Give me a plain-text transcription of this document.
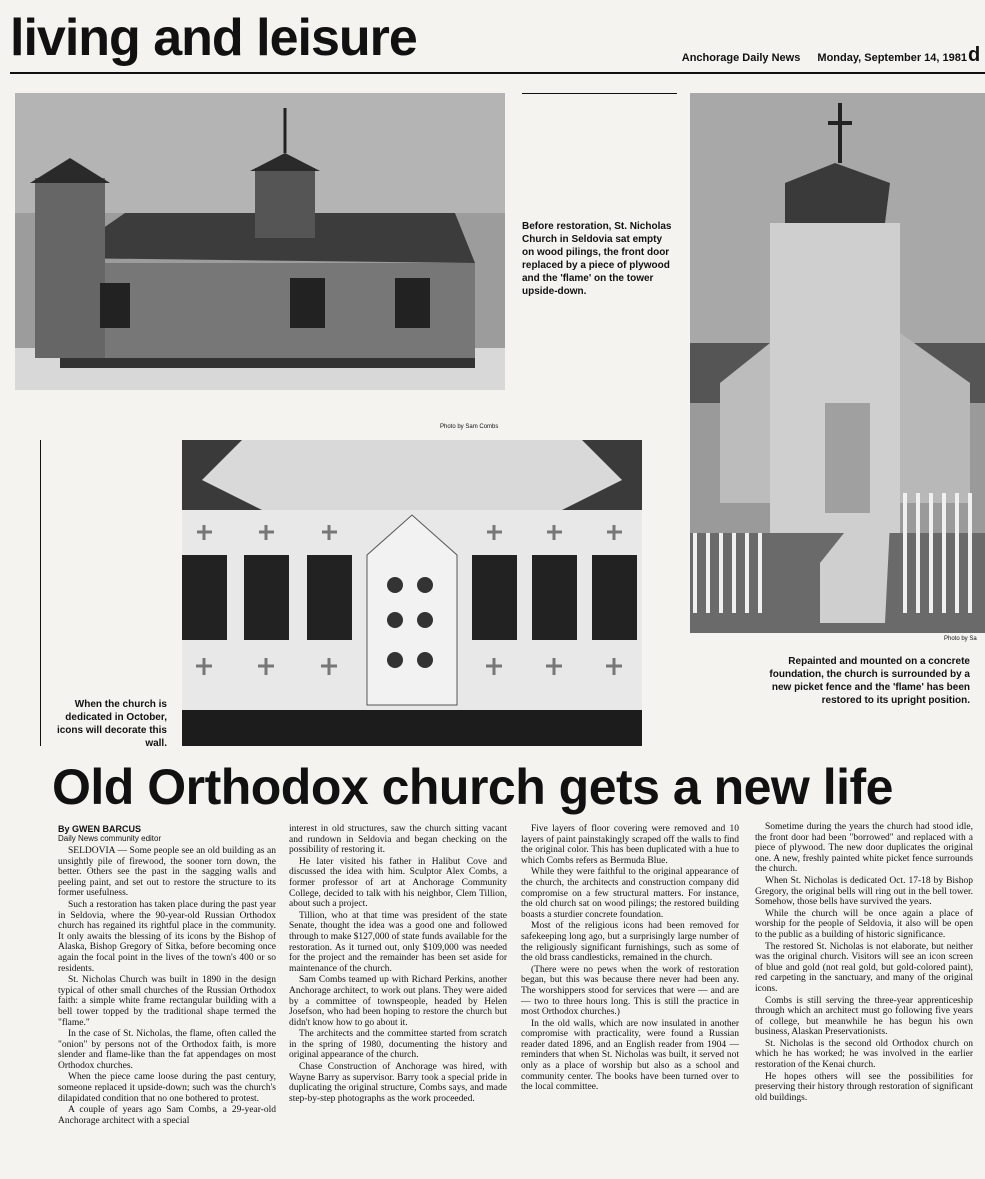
living and leisure	Anchorage Daily News Monday, September 14, 1981 d
Photo by Sam Combs
Before restoration, St. Nicholas Church in Seldovia sat empty on wood pilings, the front door replaced by a piece of plywood and the 'flame' on the tower upside-down.
Photo by Sa
Repainted and mounted on a concrete foundation, the church is surrounded by a new picket fence and the 'flame' has been restored to its upright position.
When the church is dedicated in October, icons will decorate this wall.
Old Orthodox church gets a new life
By GWEN BARCUS
Daily News community editor

SELDOVIA — Some people see an old building as an unsightly pile of firewood, the sooner torn down, the better. Others see the past in the sagging walls and peeling paint, and set out to restore the structure to its former usefulness.

Such a restoration has taken place during the past year in Seldovia, where the 90-year-old Russian Orthodox church has regained its rightful place in the community. It only awaits the blessing of its icons by the Bishop of Alaska, Bishop Gregory of Sitka, before becoming once again the focal point in the lives of the town's 400 or so residents.

St. Nicholas Church was built in 1890 in the design typical of other small churches of the Russian Orthodox faith: a simple white frame rectangular building with a bell tower topped by the traditional shape termed the "flame."

In the case of St. Nicholas, the flame, often called the "onion" by persons not of the Orthodox faith, is more slender and flame-like than the fat appendages on most Orthodox churches.

When the piece came loose during the past century, someone replaced it upside-down; such was the church's dilapidated condition that no one bothered to protest.

A couple of years ago Sam Combs, a 29-year-old Anchorage architect with a special

interest in old structures, saw the church sitting vacant and rundown in Seldovia and began checking on the possibility of restoring it.

He later visited his father in Halibut Cove and discussed the idea with him. Sculptor Alex Combs, a former professor of art at Anchorage Community College, decided to talk with his neighbor, Clem Tillion, about such a project.

Tillion, who at that time was president of the state Senate, thought the idea was a good one and followed through to make $127,000 of state funds available for the restoration. As it turned out, only $109,000 was needed for the project and the remainder has been set aside for maintenance of the church.

Sam Combs teamed up with Richard Perkins, another Anchorage architect, to work out plans. They were aided by a committee of townspeople, headed by Helen Josefson, who had been hoping to restore the church but didn't know how to go about it.

The architects and the committee started from scratch in the spring of 1980, documenting the history and original appearance of the church.

Chase Construction of Anchorage was hired, with Wayne Barry as supervisor. Barry took a special pride in duplicating the original structure, Combs says, and made step-by-step photographs as the work proceeded.

Five layers of floor covering were removed and 10 layers of paint painstakingly scraped off the walls to find the original color. This has been duplicated with a hue to which Combs refers as Bermuda Blue.

While they were faithful to the original appearance of the church, the architects and construction company did compromise on a few structural matters. For instance, the old church sat on wood pilings; the restored building boasts a sturdier concrete foundation.

Most of the religious icons had been removed for safekeeping long ago, but a surprisingly large number of the religiously significant furnishings, such as some of the old brass candlesticks, remained in the church.

(There were no pews when the work of restoration began, but this was because there never had been any. The worshippers stood for services that were — and are — two to three hours long. This is still the practice in most Orthodox churches.)

In the old walls, which are now insulated in another compromise with practicality, were found a Russian reader dated 1896, and an English reader from 1904 — reminders that when St. Nicholas was built, it served not only as a place of worship but also as a school and community center. The books have been turned over to the local committee.

Sometime during the years the church had stood idle, the front door had been "borrowed" and replaced with a piece of plywood. The new door duplicates the original one. A new, freshly painted white picket fence surrounds the church.

When St. Nicholas is dedicated Oct. 17-18 by Bishop Gregory, the original bells will ring out in the bell tower. Somehow, those bells have survived the years.

While the church will be once again a place of worship for the people of Seldovia, it also will be open to the public as a building of historic significance.

The restored St. Nicholas is not elaborate, but neither was the original church. Visitors will see an icon screen of blue and gold (not real gold, but gold-colored paint), red carpeting in the sanctuary, and many of the original icons.

Combs is still serving the three-year apprenticeship through which an architect must go following five years of college, but meanwhile he has begun his own business, Alaskan Preservationists.

St. Nicholas is the second old Orthodox church on which he has worked; he was involved in the earlier restoration of the Kenai church.

He hopes others will see the possibilities for preserving their history through restoration of significant old buildings.
